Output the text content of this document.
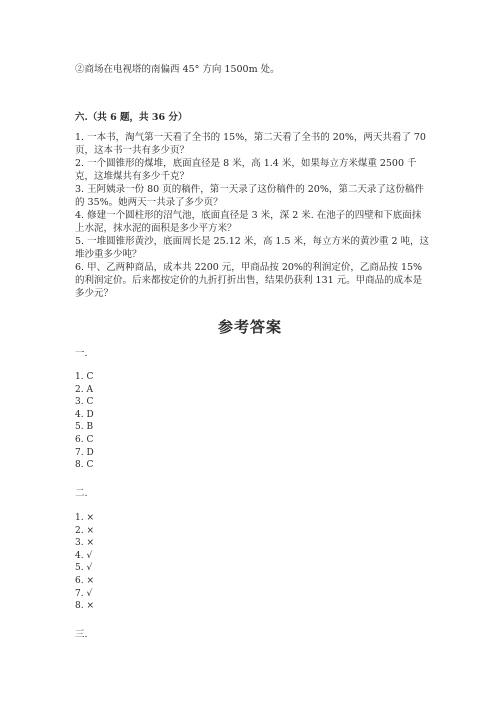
②商场在电视塔的南偏西 45° 方向 1500m 处。
六.（共 6 题，共 36 分）
1. 一本书，淘气第一天看了全书的 15%，第二天看了全书的 20%，两天共看了 70 页，这本书一共有多少页？
2. 一个圆锥形的煤堆，底面直径是 8 米，高 1.4 米，如果每立方米煤重 2500 千克，这堆煤共有多少千克？
3. 王阿姨录一份 80 页的稿件，第一天录了这份稿件的 20%，第二天录了这份稿件的 35%。她两天一共录了多少页？
4. 修建一个圆柱形的沼气池，底面直径是 3 米，深 2 米. 在池子的四壁和下底面抹上水泥，抹水泥的面积是多少平方米？
5. 一堆圆锥形黄沙，底面周长是 25.12 米，高 1.5 米，每立方米的黄沙重 2 吨，这堆沙重多少吨？
6. 甲、乙两种商品，成本共 2200 元，甲商品按 20%的利润定价，乙商品按 15%的利润定价。后来都按定价的九折打折出售，结果仍获利 131 元。甲商品的成本是多少元？
参考答案
一.
1. C
2. A
3. C
4. D
5. B
6. C
7. D
8. C
二.
1. ×
2. ×
3. ×
4. √
5. √
6. ×
7. √
8. ×
三.
